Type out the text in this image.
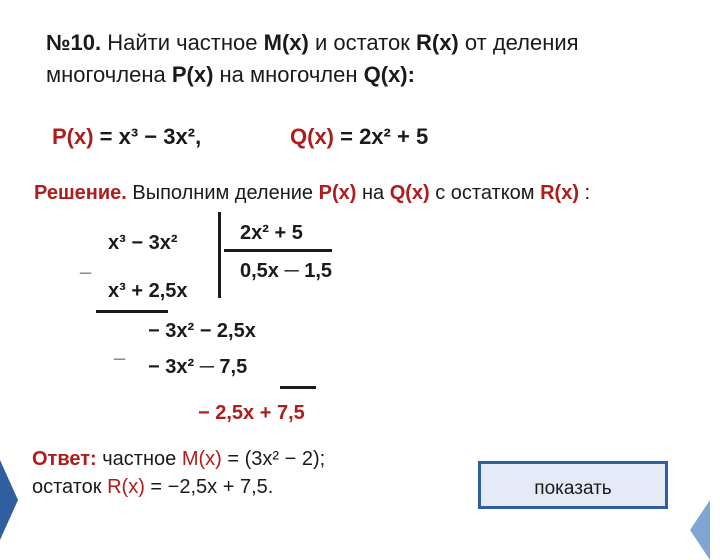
№10. Найти частное M(x) и остаток R(x) от деления
многочлена P(x) на многочлен Q(x):
P(x) = x³ − 3x²,	Q(x) = 2x² + 5
Решение. Выполним деление P(x) на Q(x) с остатком R(x) :
x³ − 3x²
_
x³ + 2,5x
2x² + 5
0,5x ─ 1,5
− 3x² − 2,5x
_
− 3x² ─ 7,5
− 2,5x + 7,5
Ответ: частное M(x) = (3x² − 2);
остаток R(x) = −2,5x + 7,5.	показать
